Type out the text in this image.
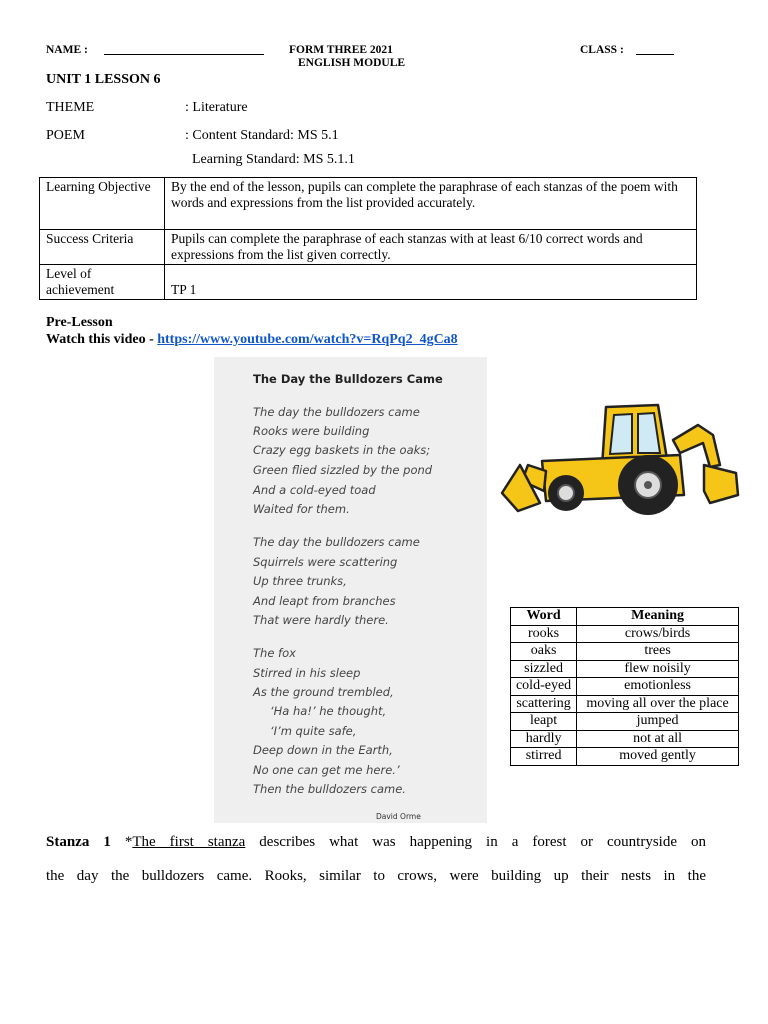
NAME :	FORM THREE 2021
ENGLISH MODULE
CLASS :
UNIT 1 LESSON 6
THEME	: Literature
POEM	: Content Standard: MS 5.1
Learning Standard: MS 5.1.1
Learning Objective	By the end of the lesson, pupils can complete the paraphrase of each stanzas of the poem with words and expressions from the list provided accurately.
Success Criteria	Pupils can complete the paraphrase of each stanzas with at least 6/10 correct words and expressions from the list given correctly.
Level of achievement	TP 1
Pre-Lesson
Watch this video - https://www.youtube.com/watch?v=RqPq2_4gCa8
The Day the Bulldozers Came
The day the bulldozers came
Rooks were building
Crazy egg baskets in the oaks;
Green flied sizzled by the pond
And a cold-eyed toad
Waited for them.
The day the bulldozers came
Squirrels were scattering
Up three trunks,
And leapt from branches
That were hardly there.
The fox
Stirred in his sleep
As the ground trembled,
‘Ha ha!’ he thought,
‘I’m quite safe,
Deep down in the Earth,
No one can get me here.’
Then the bulldozers came.
David Orme
Word	Meaning
rooks	crows/birds
oaks	trees
sizzled	flew noisily
cold-eyed	emotionless
scattering	moving all over the place
leapt	jumped
hardly	not at all
stirred	moved gently
Stanza 1 *The first stanza describes what was happening in a forest or countryside on
the day the bulldozers came. Rooks, similar to crows, were building up their nests in the
